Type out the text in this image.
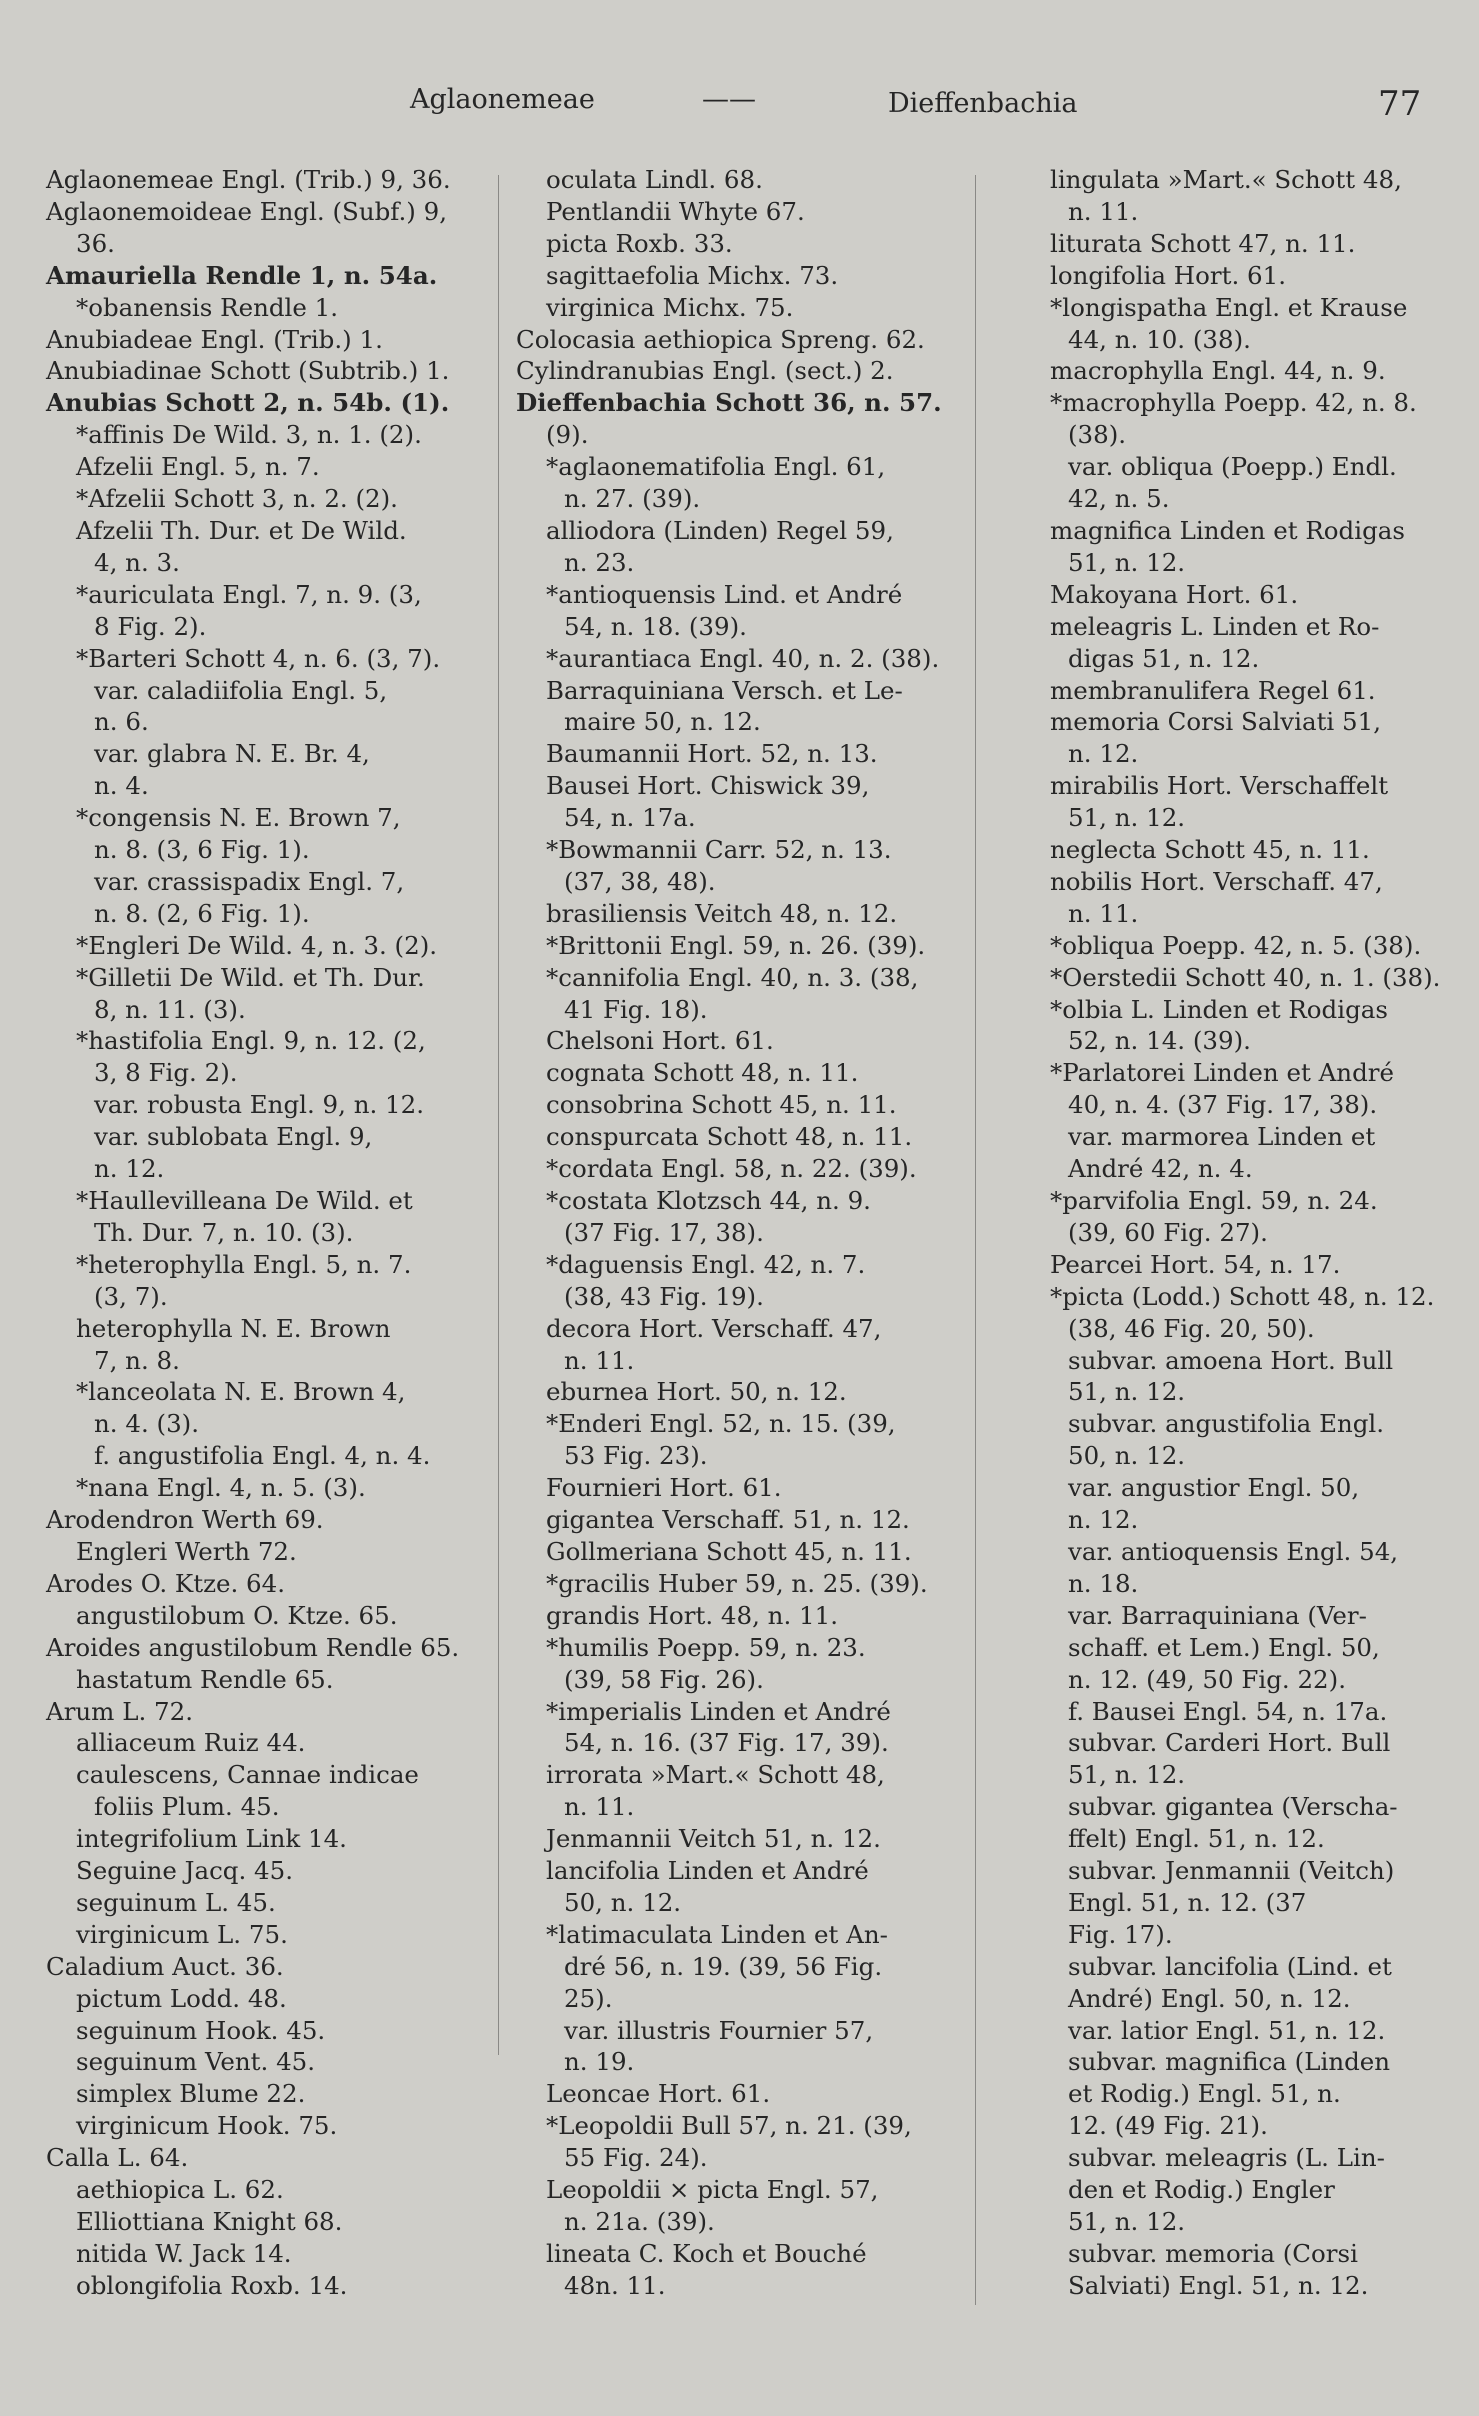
Aglaonemeae	——	Dieffenbachia	77
Aglaonemeae Engl. (Trib.) 9, 36.
Aglaonemoideae Engl. (Subf.) 9,
36.
Amauriella Rendle 1, n. 54a.
*obanensis Rendle 1.
Anubiadeae Engl. (Trib.) 1.
Anubiadinae Schott (Subtrib.) 1.
Anubias Schott 2, n. 54b. (1).
*affinis De Wild. 3, n. 1. (2).
Afzelii Engl. 5, n. 7.
*Afzelii Schott 3, n. 2. (2).
Afzelii Th. Dur. et De Wild.
4, n. 3.
*auriculata Engl. 7, n. 9. (3,
8 Fig. 2).
*Barteri Schott 4, n. 6. (3, 7).
var. caladiifolia Engl. 5,
n. 6.
var. glabra N. E. Br. 4,
n. 4.
*congensis N. E. Brown 7,
n. 8. (3, 6 Fig. 1).
var. crassispadix Engl. 7,
n. 8. (2, 6 Fig. 1).
*Engleri De Wild. 4, n. 3. (2).
*Gilletii De Wild. et Th. Dur.
8, n. 11. (3).
*hastifolia Engl. 9, n. 12. (2,
3, 8 Fig. 2).
var. robusta Engl. 9, n. 12.
var. sublobata Engl. 9,
n. 12.
*Haullevilleana De Wild. et
Th. Dur. 7, n. 10. (3).
*heterophylla Engl. 5, n. 7.
(3, 7).
heterophylla N. E. Brown
7, n. 8.
*lanceolata N. E. Brown 4,
n. 4. (3).
f. angustifolia Engl. 4, n. 4.
*nana Engl. 4, n. 5. (3).
Arodendron Werth 69.
Engleri Werth 72.
Arodes O. Ktze. 64.
angustilobum O. Ktze. 65.
Aroides angustilobum Rendle 65.
hastatum Rendle 65.
Arum L. 72.
alliaceum Ruiz 44.
caulescens, Cannae indicae
foliis Plum. 45.
integrifolium Link 14.
Seguine Jacq. 45.
seguinum L. 45.
virginicum L. 75.
Caladium Auct. 36.
pictum Lodd. 48.
seguinum Hook. 45.
seguinum Vent. 45.
simplex Blume 22.
virginicum Hook. 75.
Calla L. 64.
aethiopica L. 62.
Elliottiana Knight 68.
nitida W. Jack 14.
oblongifolia Roxb. 14.
oculata Lindl. 68.
Pentlandii Whyte 67.
picta Roxb. 33.
sagittaefolia Michx. 73.
virginica Michx. 75.
Colocasia aethiopica Spreng. 62.
Cylindranubias Engl. (sect.) 2.
Dieffenbachia Schott 36, n. 57.
(9).
*aglaonematifolia Engl. 61,
n. 27. (39).
alliodora (Linden) Regel 59,
n. 23.
*antioquensis Lind. et André
54, n. 18. (39).
*aurantiaca Engl. 40, n. 2. (38).
Barraquiniana Versch. et Le-
maire 50, n. 12.
Baumannii Hort. 52, n. 13.
Bausei Hort. Chiswick 39,
54, n. 17a.
*Bowmannii Carr. 52, n. 13.
(37, 38, 48).
brasiliensis Veitch 48, n. 12.
*Brittonii Engl. 59, n. 26. (39).
*cannifolia Engl. 40, n. 3. (38,
41 Fig. 18).
Chelsoni Hort. 61.
cognata Schott 48, n. 11.
consobrina Schott 45, n. 11.
conspurcata Schott 48, n. 11.
*cordata Engl. 58, n. 22. (39).
*costata Klotzsch 44, n. 9.
(37 Fig. 17, 38).
*daguensis Engl. 42, n. 7.
(38, 43 Fig. 19).
decora Hort. Verschaff. 47,
n. 11.
eburnea Hort. 50, n. 12.
*Enderi Engl. 52, n. 15. (39,
53 Fig. 23).
Fournieri Hort. 61.
gigantea Verschaff. 51, n. 12.
Gollmeriana Schott 45, n. 11.
*gracilis Huber 59, n. 25. (39).
grandis Hort. 48, n. 11.
*humilis Poepp. 59, n. 23.
(39, 58 Fig. 26).
*imperialis Linden et André
54, n. 16. (37 Fig. 17, 39).
irrorata »Mart.« Schott 48,
n. 11.
Jenmannii Veitch 51, n. 12.
lancifolia Linden et André
50, n. 12.
*latimaculata Linden et An-
dré 56, n. 19. (39, 56 Fig.
25).
var. illustris Fournier 57,
n. 19.
Leoncae Hort. 61.
*Leopoldii Bull 57, n. 21. (39,
55 Fig. 24).
Leopoldii × picta Engl. 57,
n. 21a. (39).
lineata C. Koch et Bouché
48n. 11.
lingulata »Mart.« Schott 48,
n. 11.
liturata Schott 47, n. 11.
longifolia Hort. 61.
*longispatha Engl. et Krause
44, n. 10. (38).
macrophylla Engl. 44, n. 9.
*macrophylla Poepp. 42, n. 8.
(38).
var. obliqua (Poepp.) Endl.
42, n. 5.
magnifica Linden et Rodigas
51, n. 12.
Makoyana Hort. 61.
meleagris L. Linden et Ro-
digas 51, n. 12.
membranulifera Regel 61.
memoria Corsi Salviati 51,
n. 12.
mirabilis Hort. Verschaffelt
51, n. 12.
neglecta Schott 45, n. 11.
nobilis Hort. Verschaff. 47,
n. 11.
*obliqua Poepp. 42, n. 5. (38).
*Oerstedii Schott 40, n. 1. (38).
*olbia L. Linden et Rodigas
52, n. 14. (39).
*Parlatorei Linden et André
40, n. 4. (37 Fig. 17, 38).
var. marmorea Linden et
André 42, n. 4.
*parvifolia Engl. 59, n. 24.
(39, 60 Fig. 27).
Pearcei Hort. 54, n. 17.
*picta (Lodd.) Schott 48, n. 12.
(38, 46 Fig. 20, 50).
subvar. amoena Hort. Bull
51, n. 12.
subvar. angustifolia Engl.
50, n. 12.
var. angustior Engl. 50,
n. 12.
var. antioquensis Engl. 54,
n. 18.
var. Barraquiniana (Ver-
schaff. et Lem.) Engl. 50,
n. 12. (49, 50 Fig. 22).
f. Bausei Engl. 54, n. 17a.
subvar. Carderi Hort. Bull
51, n. 12.
subvar. gigantea (Verscha-
ffelt) Engl. 51, n. 12.
subvar. Jenmannii (Veitch)
Engl. 51, n. 12. (37
Fig. 17).
subvar. lancifolia (Lind. et
André) Engl. 50, n. 12.
var. latior Engl. 51, n. 12.
subvar. magnifica (Linden
et Rodig.) Engl. 51, n.
12. (49 Fig. 21).
subvar. meleagris (L. Lin-
den et Rodig.) Engler
51, n. 12.
subvar. memoria (Corsi
Salviati) Engl. 51, n. 12.
